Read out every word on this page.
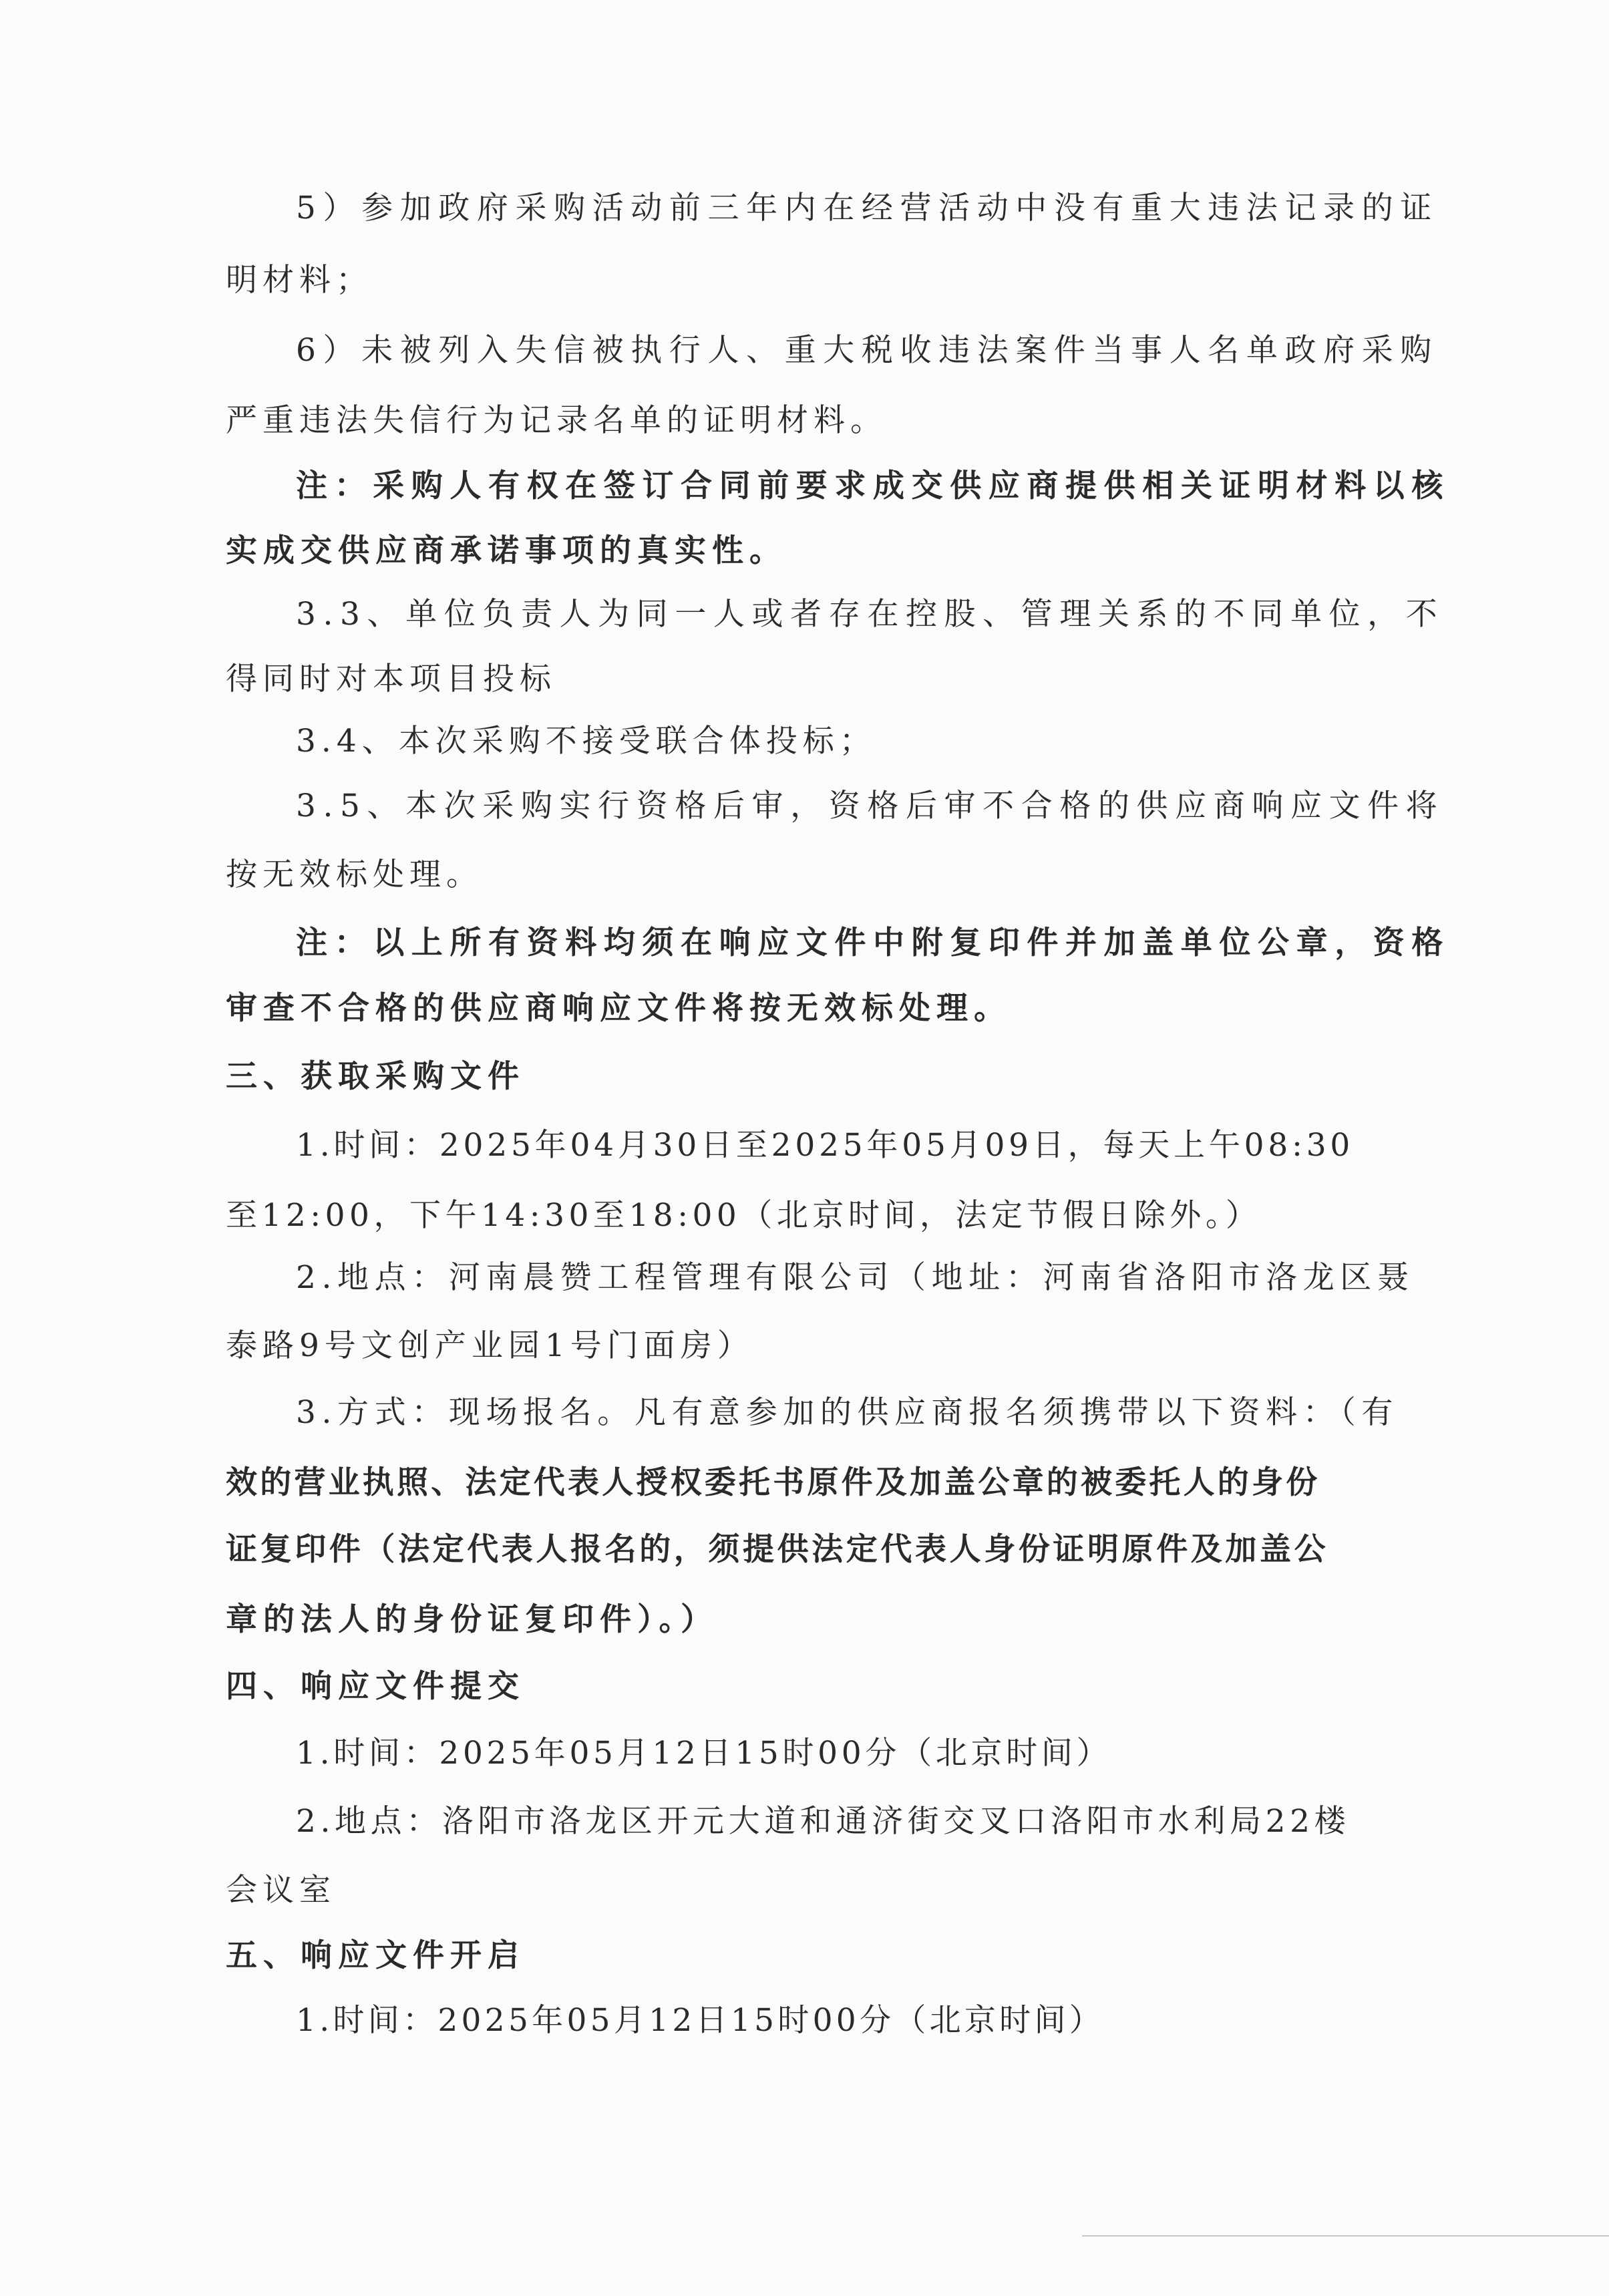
5）参加政府采购活动前三年内在经营活动中没有重大违法记录的证
明材料；
6）未被列入失信被执行人、重大税收违法案件当事人名单政府采购
严重违法失信行为记录名单的证明材料。
注：采购人有权在签订合同前要求成交供应商提供相关证明材料以核
实成交供应商承诺事项的真实性。
3.3、单位负责人为同一人或者存在控股、管理关系的不同单位，不
得同时对本项目投标
3.4、本次采购不接受联合体投标；
3.5、本次采购实行资格后审，资格后审不合格的供应商响应文件将
按无效标处理。
注：以上所有资料均须在响应文件中附复印件并加盖单位公章，资格
审查不合格的供应商响应文件将按无效标处理。
三、获取采购文件
1.时间：2025年04月30日至2025年05月09日，每天上午08:30
至12:00，下午14:30至18:00（北京时间，法定节假日除外。）
2.地点：河南晨赞工程管理有限公司（地址：河南省洛阳市洛龙区聂
泰路9号文创产业园1号门面房）
3.方式：现场报名。凡有意参加的供应商报名须携带以下资料：（有
效的营业执照、法定代表人授权委托书原件及加盖公章的被委托人的身份
证复印件（法定代表人报名的，须提供法定代表人身份证明原件及加盖公
章的法人的身份证复印件）。）
四、响应文件提交
1.时间：2025年05月12日15时00分（北京时间）
2.地点：洛阳市洛龙区开元大道和通济街交叉口洛阳市水利局22楼
会议室
五、响应文件开启
1.时间：2025年05月12日15时00分（北京时间）
